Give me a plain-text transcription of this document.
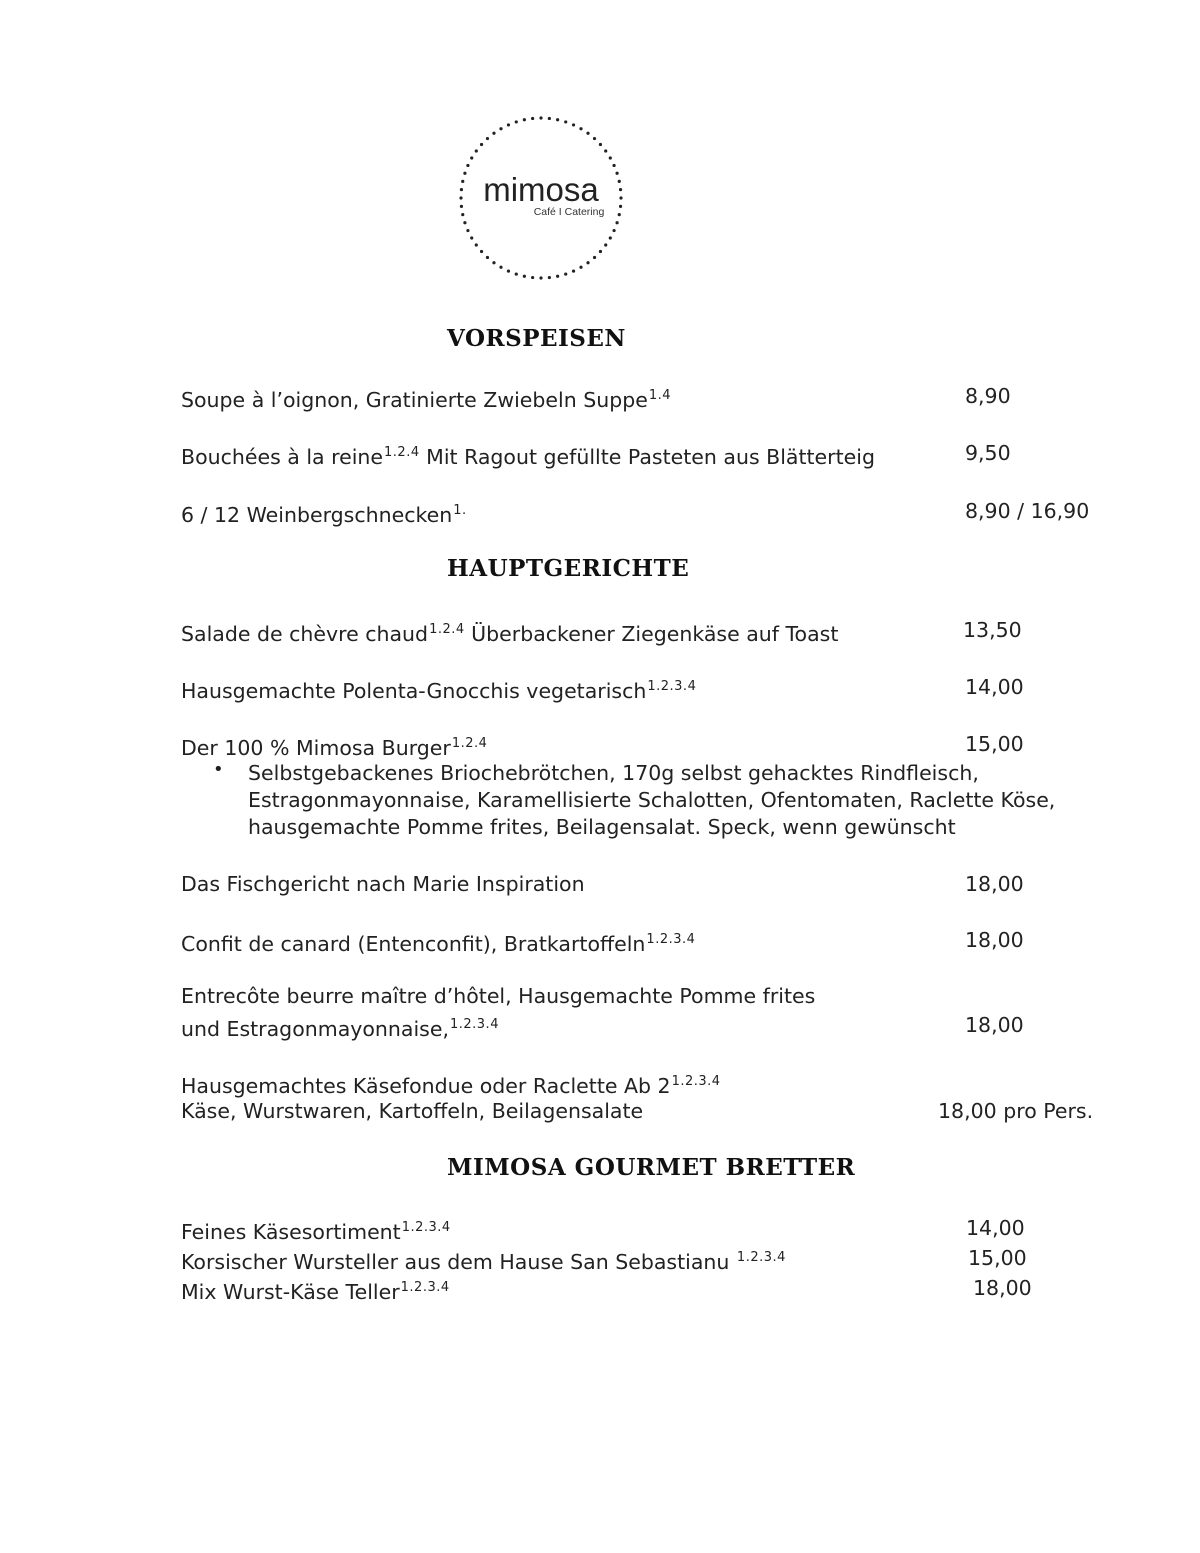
mimosa
Café I Catering
VORSPEISEN
Soupe à l’oignon, Gratinierte Zwiebeln Suppe$^{1.4}$	8,90
Bouchées à la reine$^{1.2.4}$ Mit Ragout gefüllte Pasteten aus Blätterteig	9,50
6 / 12 Weinbergschnecken$^{1.}$	8,90 / 16,90
HAUPTGERICHTE
Salade de chèvre chaud$^{1.2.4}$ Überbackener Ziegenkäse auf Toast	13,50
Hausgemachte Polenta-Gnocchis vegetarisch$^{1.2.3.4}$	14,00
Der 100 % Mimosa Burger$^{1.2.4}$	15,00
• Selbstgebackenes Briochebrötchen, 170g selbst gehacktes Rindfleisch, Estragonmayonnaise, Karamellisierte Schalotten, Ofentomaten, Raclette Köse, hausgemachte Pomme frites, Beilagensalat. Speck, wenn gewünscht
Das Fischgericht nach Marie Inspiration	18,00
Confit de canard (Entenconfit), Bratkartoffeln$^{1.2.3.4}$	18,00
Entrecôte beurre maître d’hôtel, Hausgemachte Pomme frites
und Estragonmayonnaise,$^{1.2.3.4}$	18,00
Hausgemachtes Käsefondue oder Raclette Ab $2^{1.2.3.4}$
Käse, Wurstwaren, Kartoffeln, Beilagensalate	18,00 pro Pers.
MIMOSA GOURMET BRETTER
Feines Käsesortiment$^{1.2.3.4}$	14,00
Korsischer Wursteller aus dem Hause San Sebastianu $^{1.2.3.4}$	15,00
Mix Wurst-Käse Teller$^{1.2.3.4}$	18,00
